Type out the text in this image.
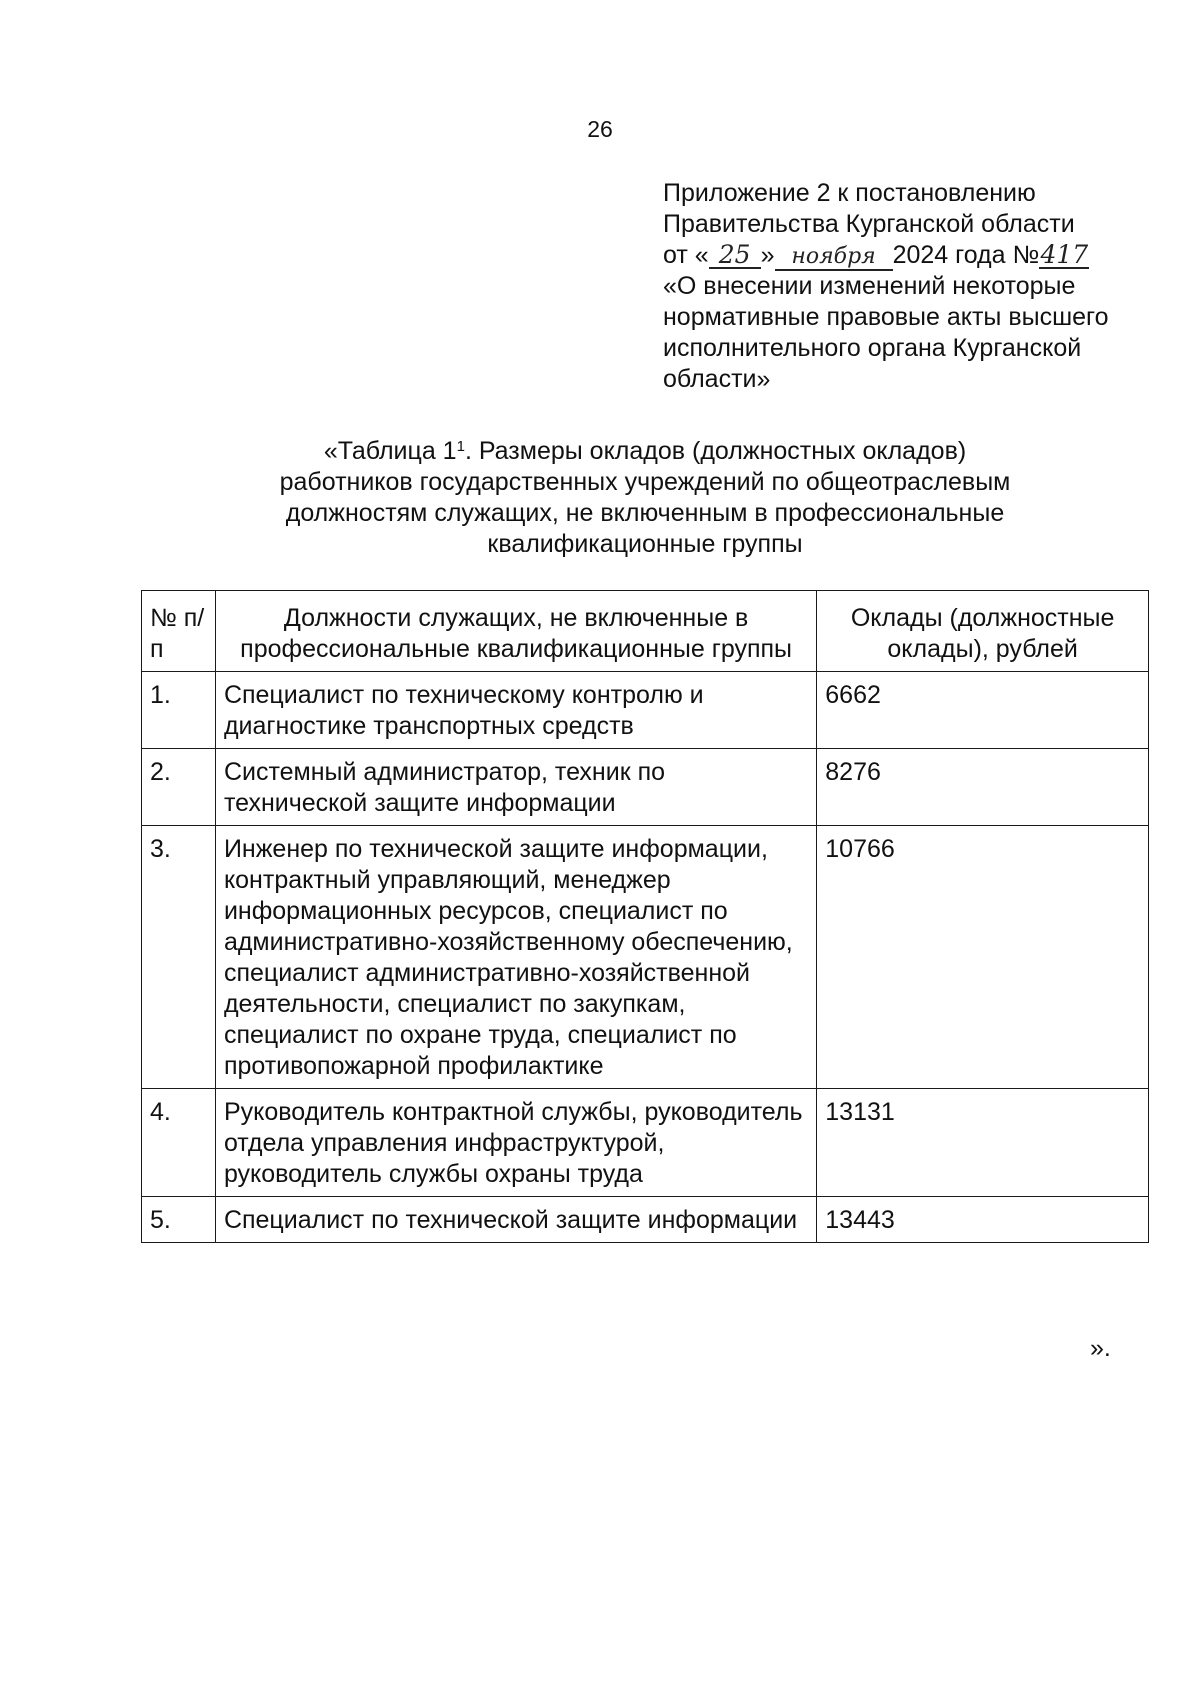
26
Приложение 2 к постановлению
Правительства Курганской области
от « 25 » ноября 2024 года №417
«О внесении изменений некоторые
нормативные правовые акты высшего
исполнительного органа Курганской
области»
«Таблица $1^1$. Размеры окладов (должностных окладов)
работников государственных учреждений по общеотраслевым
должностям служащих, не включенным в профессиональные
квалификационные группы
№ п/п	Должности служащих, не включенные в профессиональные квалификационные группы	Оклады (должностные оклады), рублей
1.	Специалист по техническому контролю и диагностике транспортных средств	6662
2.	Системный администратор, техник по технической защите информации	8276
3.	Инженер по технической защите информации, контрактный управляющий, менеджер информационных ресурсов, специалист по административно-хозяйственному обеспечению, специалист административно-хозяйственной деятельности, специалист по закупкам, специалист по охране труда, специалист по противопожарной профилактике	10766
4.	Руководитель контрактной службы, руководитель отдела управления инфраструктурой, руководитель службы охраны труда	13131
5.	Специалист по технической защите информации	13443
».
